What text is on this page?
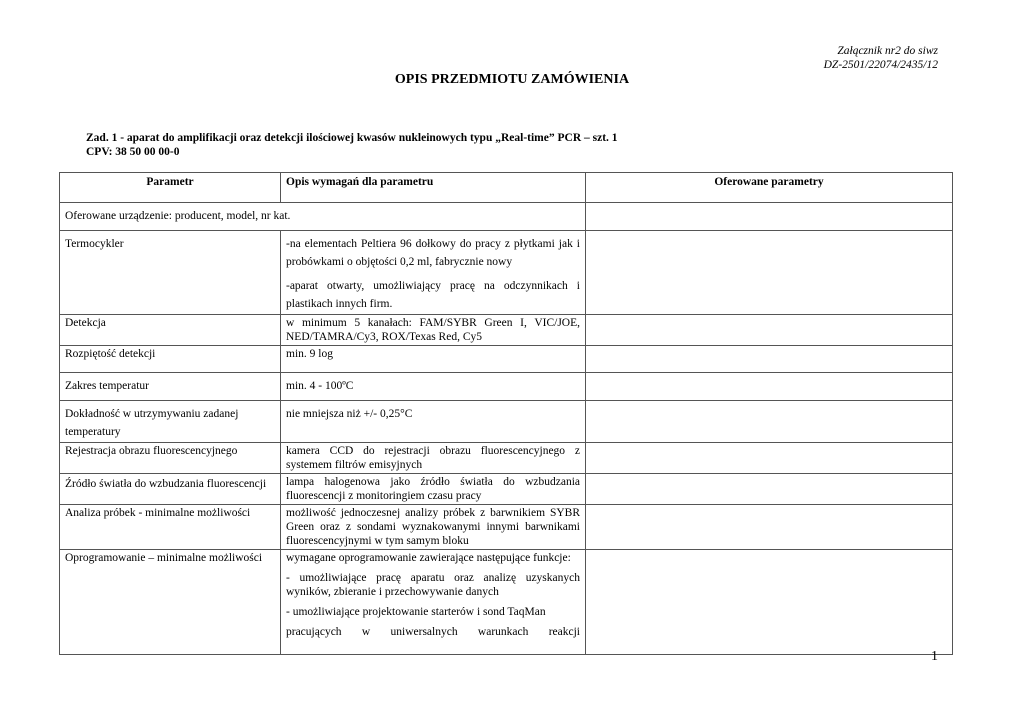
Załącznik nr2 do siwz
DZ-2501/22074/2435/12
OPIS PRZEDMIOTU ZAMÓWIENIA
Zad. 1 - aparat do amplifikacji oraz detekcji ilościowej kwasów nukleinowych typu „Real-time” PCR – szt. 1
CPV: 38 50 00 00-0
Parametr	Opis wymagań dla parametru	Oferowane parametry
Oferowane urządzenie: producent, model, nr kat.		
Termocykler	-na elementach Peltiera 96 dołkowy do pracy z płytkami jak i probówkami o objętości 0,2 ml, fabrycznie nowy

-aparat otwarty, umożliwiający pracę na odczynnikach i plastikach innych firm.	

Detekcja	w minimum 5 kanałach: FAM/SYBR Green I, VIC/JOE, NED/TAMRA/Cy3, ROX/Texas Red, Cy5	
Rozpiętość detekcji	min. 9 log	
Zakres temperatur	min. 4 - 100ºC	
Dokładność w utrzymywaniu zadanej temperatury	nie mniejsza niż +/- 0,25°C	
Rejestracja obrazu fluorescencyjnego	kamera CCD do rejestracji obrazu fluorescencyjnego z systemem filtrów emisyjnych	
Źródło światła do wzbudzania fluorescencji	lampa halogenowa jako źródło światła do wzbudzania fluorescencji z monitoringiem czasu pracy	
Analiza próbek - minimalne możliwości	możliwość jednoczesnej analizy próbek z barwnikiem SYBR Green oraz z sondami wyznakowanymi innymi barwnikami fluorescencyjnymi w tym samym bloku	
Oprogramowanie – minimalne możliwości	wymagane oprogramowanie zawierające następujące funkcje:

- umożliwiające pracę aparatu oraz analizę uzyskanych wyników, zbieranie i przechowywanie danych

- umożliwiające projektowanie starterów i sond TaqMan

pracujących w uniwersalnych warunkach reakcji	

1
